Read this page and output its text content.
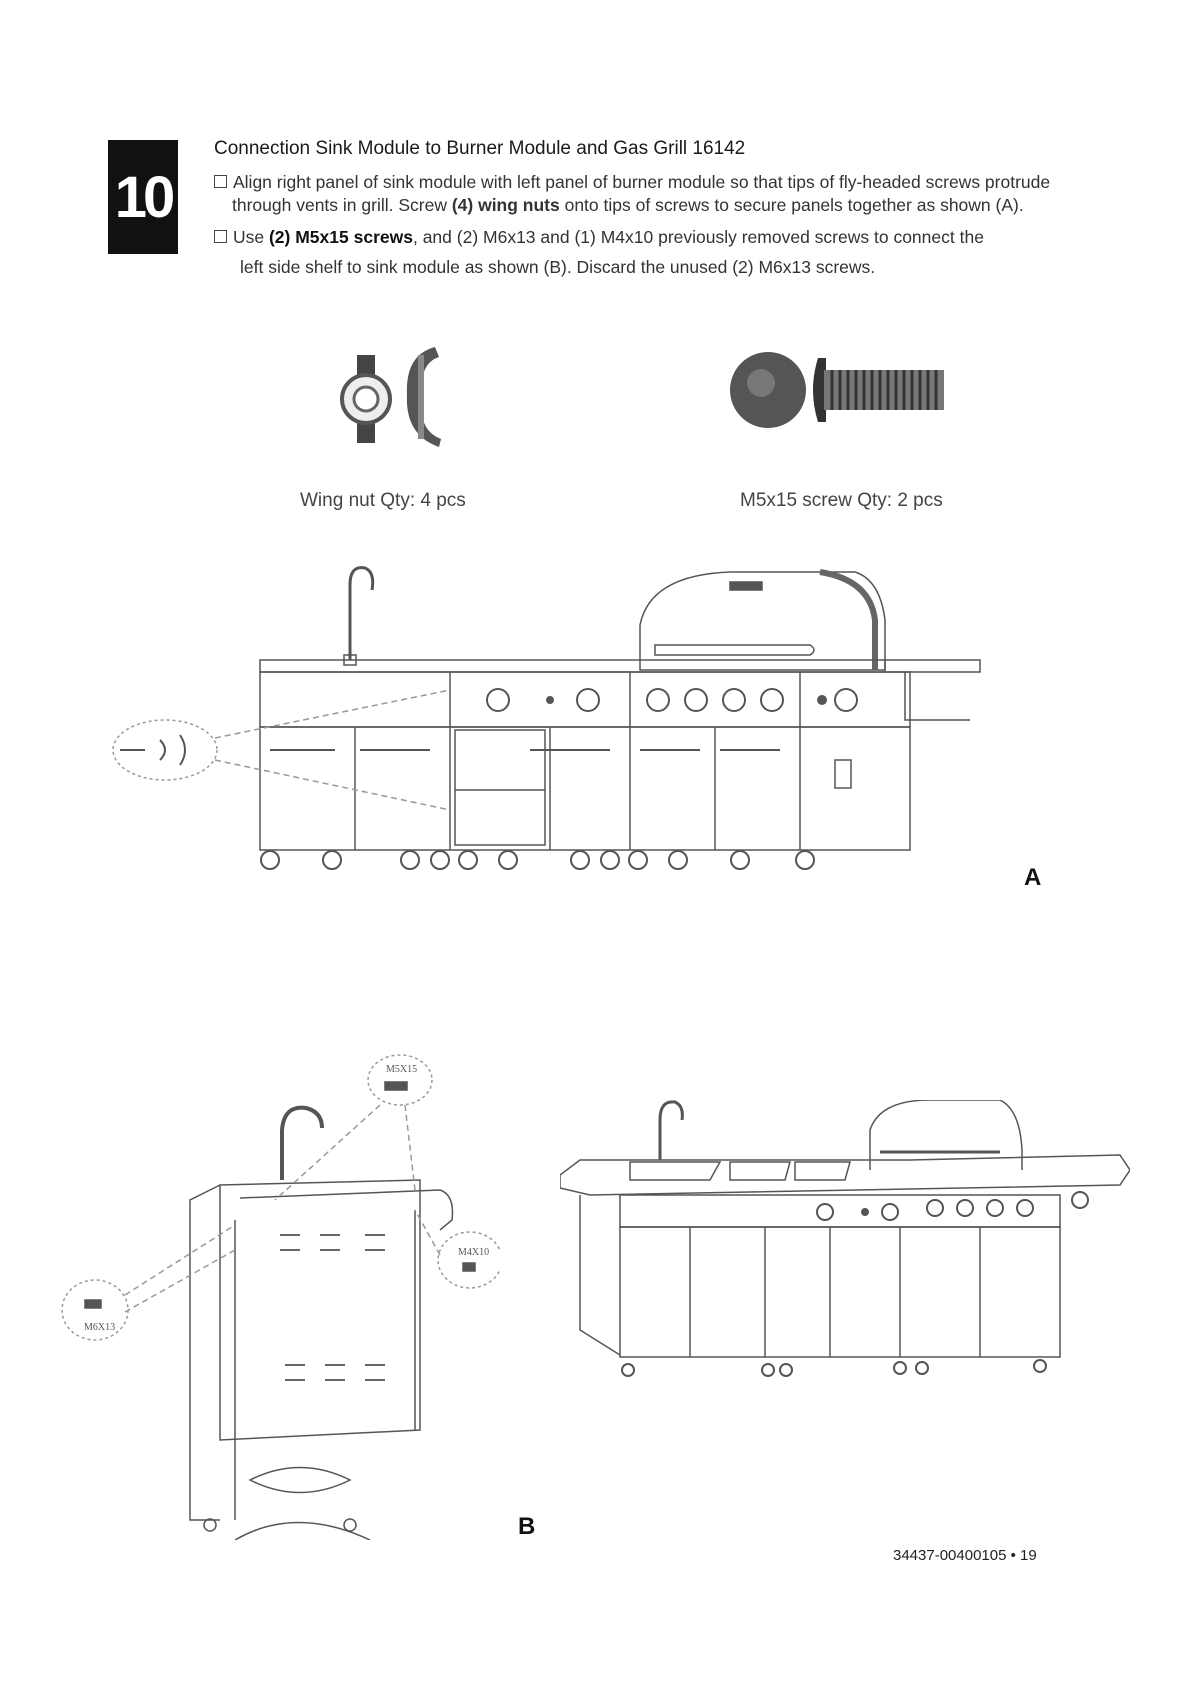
10
Connection Sink Module to Burner Module and Gas Grill 16142
Align right panel of sink module with left panel of burner module so that tips of fly-headed screws protrude
through vents in grill. Screw (4) wing nuts onto tips of screws to secure panels together as shown (A).
Use (2) M5x15 screws, and (2) M6x13 and (1) M4x10 previously removed screws to connect the
left side shelf to sink module as shown (B). Discard the unused (2) M6x13 screws.
Wing nut Qty: 4 pcs	M5x15 screw Qty: 2 pcs
A
M5X15
M4X10
M6X13
B
34437-00400105 • 19
